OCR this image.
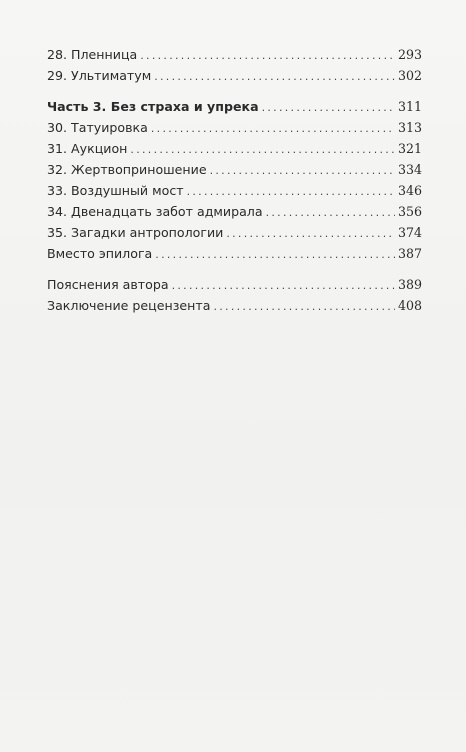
28. Пленница . . .	293
29. Ультиматум . . .	302
Часть 3. Без страха и упрека . . .	311
30. Татуировка . . .	313
31. Аукцион . . .	321
32. Жертвоприношение . . .	334
33. Воздушный мост . . .	346
34. Двенадцать забот адмирала . . .	356
35. Загадки антропологии . . .	374
Вместо эпилога . . .	387
Пояснения автора . . .	389
Заключение рецензента . . .	408
